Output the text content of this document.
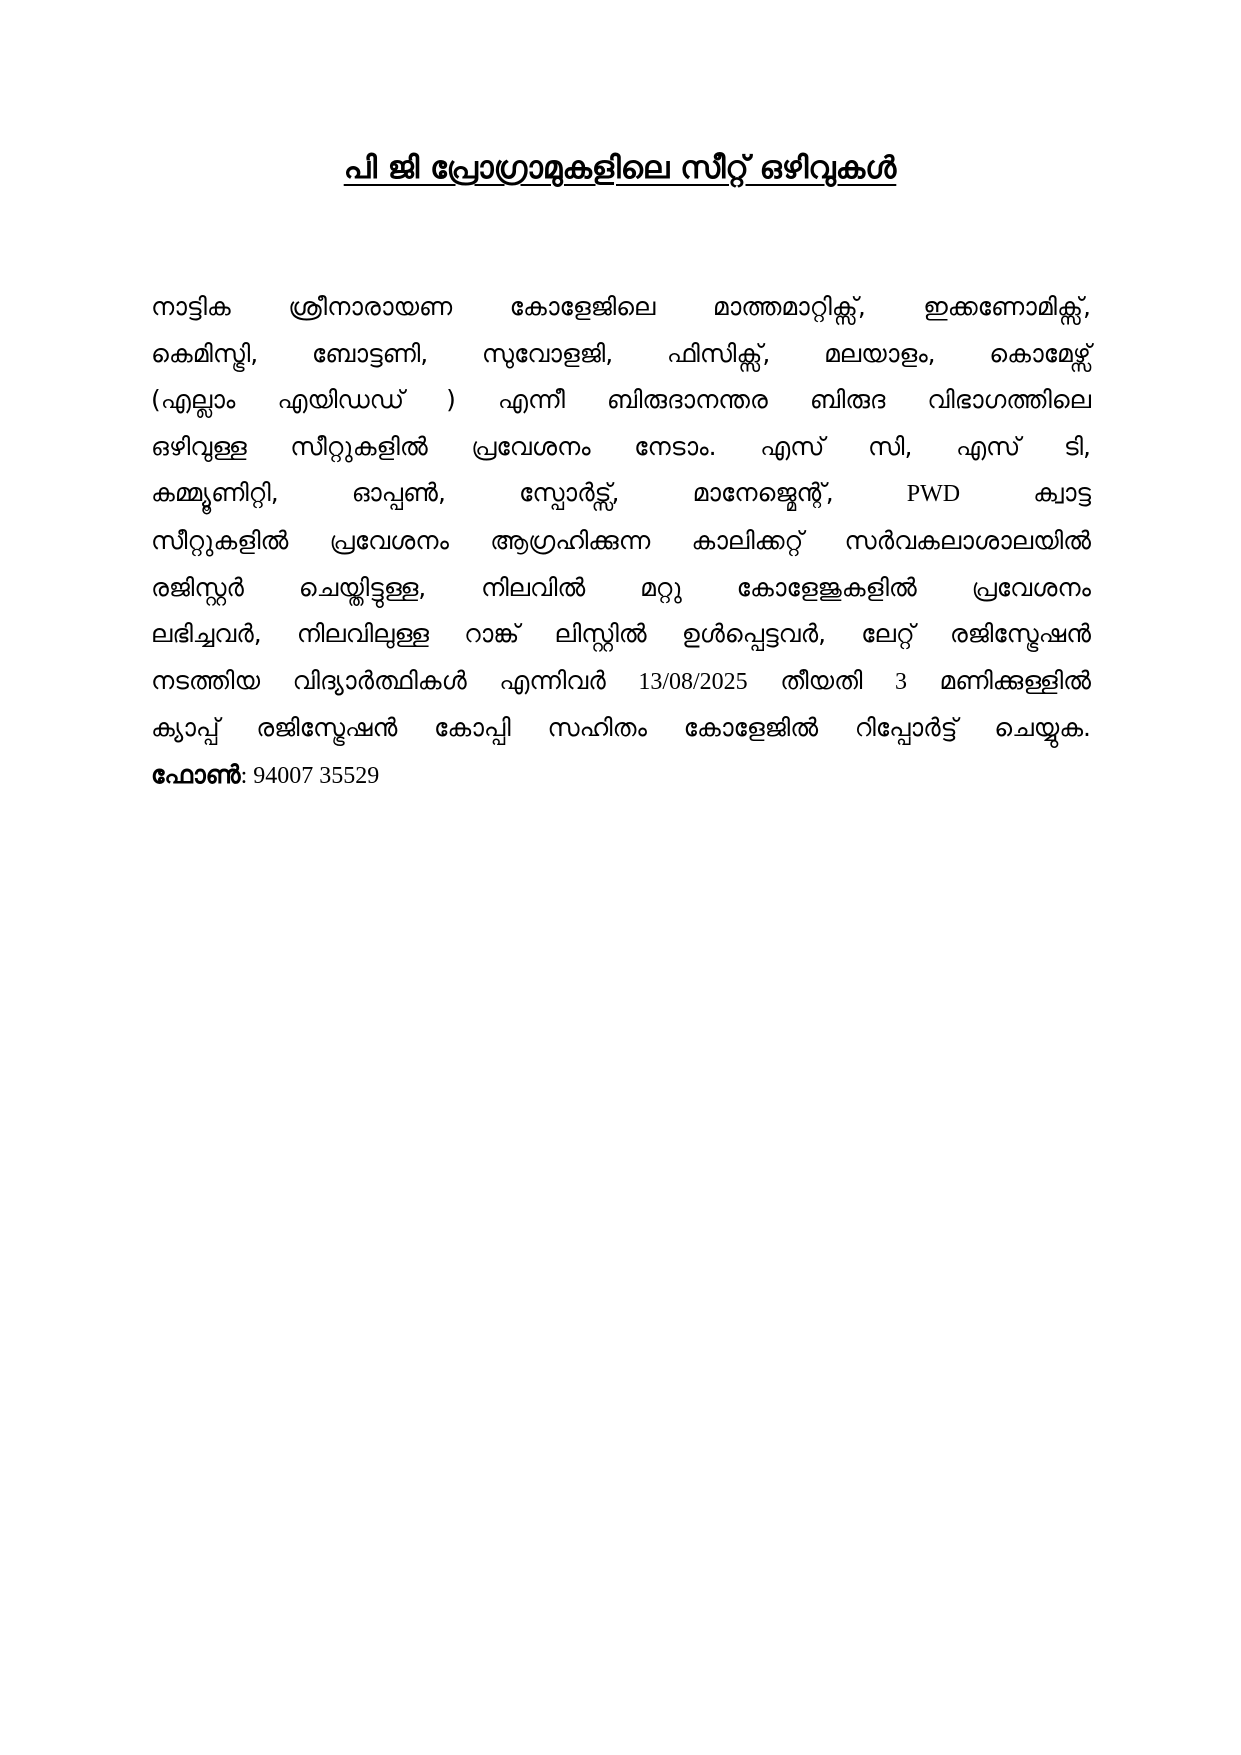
പി ജി പ്രോഗ്രാമുകളിലെ സീറ്റ് ഒഴിവുകൾ
നാട്ടിക ശ്രീനാരായണ കോളേജിലെ മാത്തമാറ്റിക്സ്, ഇക്കണോമിക്സ്,
കെമിസ്ട്രി, ബോട്ടണി, സുവോളജി, ഫിസിക്സ്, മലയാളം, കൊമേഴ്സ്
(എല്ലാം എയിഡഡ് ) എന്നീ ബിരുദാനന്തര ബിരുദ വിഭാഗത്തിലെ
ഒഴിവുള്ള സീറ്റുകളിൽ പ്രവേശനം നേടാം. എസ് സി, എസ് ടി,
കമ്മ്യൂണിറ്റി, ഓപ്പൺ, സ്പോർട്സ്, മാനേജ്മെന്റ്,	PWD	ക്വാട്ട
സീറ്റുകളിൽ പ്രവേശനം ആഗ്രഹിക്കുന്ന കാലിക്കറ്റ് സർവകലാശാലയിൽ
രജിസ്റ്റർ ചെയ്തിട്ടുള്ള, നിലവിൽ മറ്റു കോളേജുകളിൽ പ്രവേശനം
ലഭിച്ചവർ, നിലവിലുള്ള റാങ്ക് ലിസ്റ്റിൽ ഉൾപ്പെട്ടവർ, ലേറ്റ് രജിസ്ട്രേഷൻ
നടത്തിയ വിദ്യാർത്ഥികൾ എന്നിവർ 13/08/2025 തീയതി 3 മണിക്കുള്ളിൽ
ക്യാപ്പ് രജിസ്ട്രേഷൻ കോപ്പി സഹിതം കോളേജിൽ റിപ്പോർട്ട് ചെയ്യുക.
ഫോൺ: 94007 35529
